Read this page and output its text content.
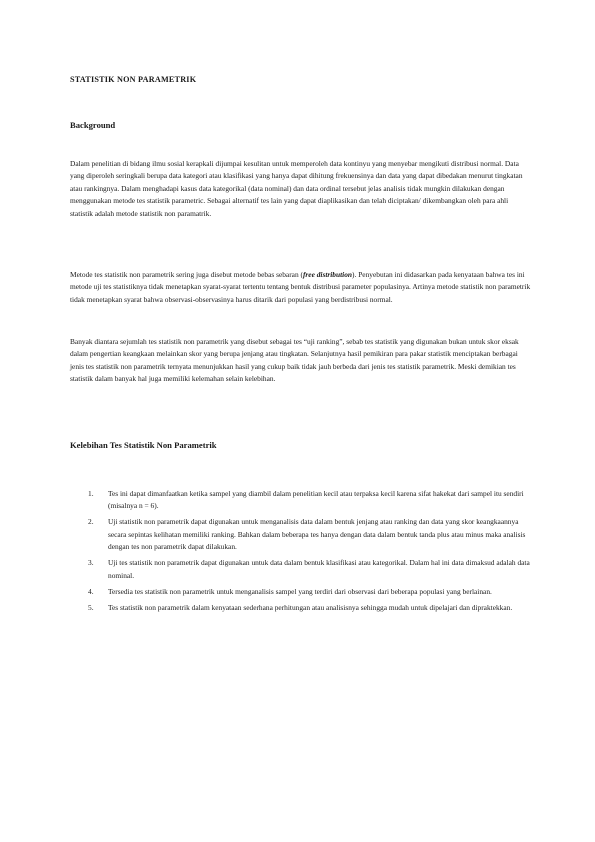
STATISTIK NON PARAMETRIK
Background
Dalam penelitian di bidang ilmu sosial kerapkali dijumpai kesulitan untuk memperoleh data kontinyu yang menyebar mengikuti distribusi normal. Data yang diperoleh seringkali berupa data kategori atau klasifikasi yang hanya dapat dihitung frekuensinya dan data yang dapat dibedakan menurut tingkatan atau rankingnya. Dalam menghadapi kasus data kategorikal (data nominal) dan data ordinal tersebut jelas analisis tidak mungkin dilakukan dengan menggunakan metode tes statistik parametric. Sebagai alternatif tes lain yang dapat diaplikasikan dan telah diciptakan/ dikembangkan oleh para ahli statistik adalah metode statistik non paramatrik.
Metode tes statistik non parametrik sering juga disebut metode bebas sebaran (free distribution). Penyebutan ini didasarkan pada kenyataan bahwa tes ini metode uji tes statistiknya tidak menetapkan syarat-syarat tertentu tentang bentuk distribusi parameter populasinya. Artinya metode statistik non parametrik tidak menetapkan syarat bahwa observasi-observasinya harus ditarik dari populasi yang berdistribusi normal.
Banyak diantara sejumlah tes statistik non parametrik yang disebut sebagai tes “uji ranking”, sebab tes statistik yang digunakan bukan untuk skor eksak dalam pengertian keangkaan melainkan skor yang berupa jenjang atau tingkatan. Selanjutnya hasil pemikiran para pakar statistik menciptakan berbagai jenis tes statistik non parametrik ternyata menunjukkan hasil yang cukup baik tidak jauh berbeda dari jenis tes statistik parametrik. Meski demikian tes statistik dalam banyak hal juga memiliki kelemahan selain kelebihan.
Kelebihan Tes Statistik Non Parametrik
1. Tes ini dapat dimanfaatkan ketika sampel yang diambil dalam penelitian kecil atau terpaksa kecil karena sifat hakekat dari sampel itu sendiri (misalnya n = 6).
2. Uji statistik non parametrik dapat digunakan untuk menganalisis data dalam bentuk jenjang atau ranking dan data yang skor keangkaannya secara sepintas kelihatan memiliki ranking. Bahkan dalam beberapa tes hanya dengan data dalam bentuk tanda plus atau minus maka analisis dengan tes non parametrik dapat dilakukan.
3. Uji tes statistik non parametrik dapat digunakan untuk data dalam bentuk klasifikasi atau kategorikal. Dalam hal ini data dimaksud adalah data nominal.
4. Tersedia tes statistik non parametrik untuk menganalisis sampel yang terdiri dari observasi dari beberapa populasi yang berlainan.
5. Tes statistik non parametrik dalam kenyataan sederhana perhitungan atau analisisnya sehingga mudah untuk dipelajari dan dipraktekkan.
